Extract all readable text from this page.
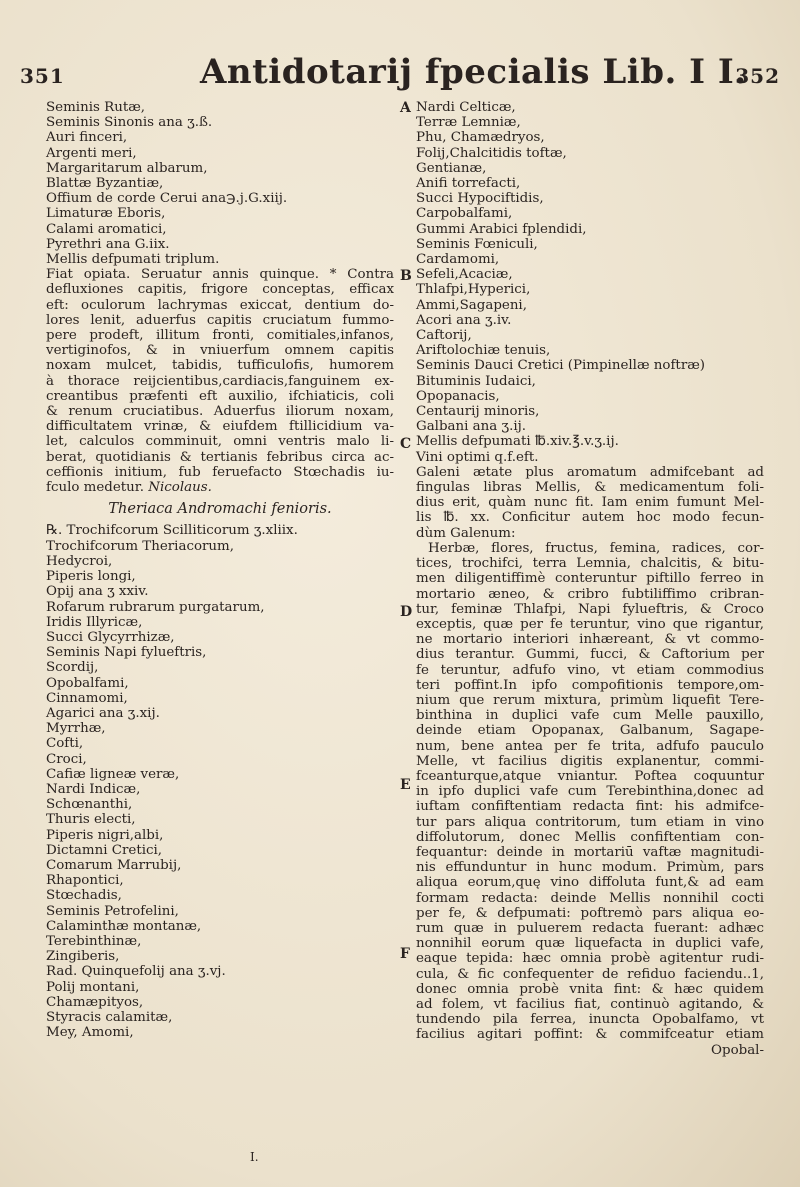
351	Antidotarij fpecialis Lib. I I.
352
A
B
C
D
E
F
Seminis Rutæ,
Seminis Sinonis ana ʒ.ß.
Auri finceri,
Argenti meri,
Margaritarum albarum,
Blattæ Byzantiæ,
Offium de corde Cerui ana℈.j.G.xiij.
Limaturæ Eboris,
Calami aromatici,
Pyrethri ana G.iix.
Mellis defpumati triplum.
Fiat opiata. Seruatur annis quinque. * Contra
defluxiones capitis, frigore conceptas, efficax
eft: oculorum lachrymas exiccat, dentium do-
lores lenit, aduerfus capitis cruciatum fummo-
pere prodeft, illitum fronti, comitiales,infanos,
vertiginofos, & in vniuerfum omnem capitis
noxam mulcet, tabidis, tufficulofis, humorem
à thorace reijcientibus,cardiacis,fanguinem ex-
creantibus præfenti eft auxilio, ifchiaticis, coli
& renum cruciatibus. Aduerfus iliorum noxam,
difficultatem vrinæ, & eiufdem ftillicidium va-
let, calculos comminuit, omni ventris malo li-
berat, quotidianis & tertianis febribus circa ac-
ceffionis initium, fub feruefacto Stœchadis iu-
fculo medetur. Nicolaus.
Theriaca Andromachi fenioris.
℞. Trochifcorum Scilliticorum ʒ.xliix.
Trochifcorum Theriacorum,
Hedycroi,
Piperis longi,
Opij ana ʒ xxiv.
Rofarum rubrarum purgatarum,
Iridis Illyricæ,
Succi Glycyrrhizæ,
Seminis Napi fylueftris,
Scordij,
Opobalfami,
Cinnamomi,
Agarici ana ʒ.xij.
Myrrhæ,
Cofti,
Croci,
Cafiæ ligneæ veræ,
Nardi Indicæ,
Schœnanthi,
Thuris electi,
Piperis nigri,albi,
Dictamni Cretici,
Comarum Marrubij,
Rhapontici,
Stœchadis,
Seminis Petrofelini,
Calaminthæ montanæ,
Terebinthinæ,
Zingiberis,
Rad. Quinquefolij ana ʒ.vj.
Polij montani,
Chamæpityos,
Styracis calamitæ,
Mey, Amomi,
Nardi Celticæ,
Terræ Lemniæ,
Phu, Chamædryos,
Folij,Chalcitidis toftæ,
Gentianæ,
Anifi torrefacti,
Succi Hypociftidis,
Carpobalfami,
Gummi Arabici fplendidi,
Seminis Fœniculi,
Cardamomi,
Sefeli,Acaciæ,
Thlafpi,Hyperici,
Ammi,Sagapeni,
Acori ana ʒ.iv.
Caftorij,
Ariftolochiæ tenuis,
Seminis Dauci Cretici (Pimpinellæ noftræ)
Bituminis Iudaici,
Opopanacis,
Centaurij minoris,
Galbani ana ʒ.ij.
Mellis defpumati ℔.xiv.℥.v.ʒ.ij.
Vini optimi q.f.eft.
Galeni ætate plus aromatum admifcebant ad
fingulas libras Mellis, & medicamentum foli-
dius erit, quàm nunc fit. Iam enim fumunt Mel-
lis ℔. xx. Conficitur autem hoc modo fecun-
dùm Galenum:
Herbæ, flores, fructus, femina, radices, cor-
tices, trochifci, terra Lemnia, chalcitis, & bitu-
men diligentiffimè conteruntur piftillo ferreo in
mortario æneo, & cribro fubtiliffimo cribran-
tur, feminæ Thlafpi, Napi fylueftris, & Croco
exceptis, quæ per fe teruntur, vino que rigantur,
ne mortario interiori inhæreant, & vt commo-
dius terantur. Gummi, fucci, & Caftorium per
fe teruntur, adfufo vino, vt etiam commodius
teri poffint.In ipfo compofitionis tempore,om-
nium que rerum mixtura, primùm liquefit Tere-
binthina in duplici vafe cum Melle pauxillo,
deinde etiam Opopanax, Galbanum, Sagape-
num, bene antea per fe trita, adfufo pauculo
Melle, vt facilius digitis explanentur, commi-
fceanturque,atque vniantur. Poftea coquuntur
in ipfo duplici vafe cum Terebinthina,donec ad
iuftam confiftentiam redacta fint: his admifce-
tur pars aliqua contritorum, tum etiam in vino
diffolutorum, donec Mellis confiftentiam con-
fequantur: deinde in mortariū vaftæ magnitudi-
nis effunduntur in hunc modum. Primùm, pars
aliqua eorum,quę vino diffoluta funt,& ad eam
formam redacta: deinde Mellis nonnihil cocti
per fe, & defpumati: poftremò pars aliqua eo-
rum quæ in puluerem redacta fuerant: adhæc
nonnihil eorum quæ liquefacta in duplici vafe,
eaque tepida: hæc omnia probè agitentur rudi-
cula, & fic confequenter de refiduo faciendu..1,
donec omnia probè vnita fint: & hæc quidem
ad folem, vt facilius fiat, continuò agitando, &
tundendo pila ferrea, inuncta Opobalfamo, vt
facilius agitari poffint: & commifceatur etiam
Opobal-
I.
